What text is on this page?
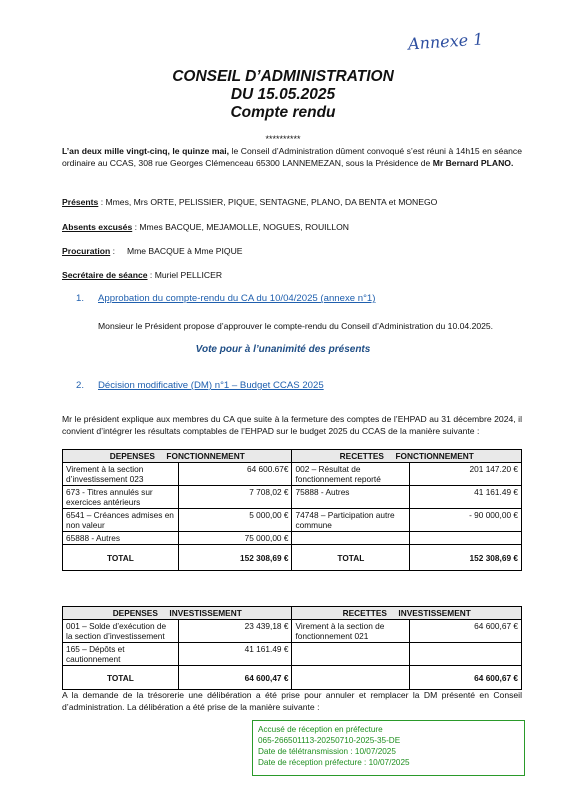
Annexe 1
CONSEIL D’ADMINISTRATION
DU 15.05.2025
Compte rendu
**********
L’an deux mille vingt-cinq, le quinze mai, le Conseil d’Administration dûment convoqué s’est réuni à 14h15 en séance ordinaire au CCAS, 308 rue Georges Clémenceau 65300 LANNEMEZAN, sous la Présidence de Mr Bernard PLANO.
Présents : Mmes, Mrs ORTE, PELISSIER, PIQUE, SENTAGNE, PLANO, DA BENTA et MONEGO
Absents excusés : Mmes BACQUE, MEJAMOLLE, NOGUES, ROUILLON
Procuration :     Mme BACQUE à Mme PIQUE
Secrétaire de séance : Muriel PELLICER
1. Approbation du compte-rendu du CA du 10/04/2025 (annexe n°1)
Monsieur le Président propose d’approuver le compte-rendu du Conseil d’Administration du 10.04.2025.
Vote pour à l’unanimité des présents
2. Décision modificative (DM) n°1 – Budget CCAS 2025
Mr le président explique aux membres du CA que suite à la fermeture des comptes de l’EHPAD au 31 décembre 2024, il convient d’intégrer les résultats comptables de l’EHPAD sur le budget 2025 du CCAS de la manière suivante :
DEPENSES     FONCTIONNEMENT		RECETTES     FONCTIONNEMENT	
Virement à la section d’investissement 023	64 600.67€	002 – Résultat de fonctionnement reporté	201 147.20 €
673 - Titres annulés sur exercices antérieurs	7 708,02 €	75888 - Autres	41 161.49 €
6541 – Créances admises en non valeur	5 000,00 €	74748 – Participation autre commune	- 90 000,00 €
65888 - Autres	75 000,00 €		
TOTAL	152 308,69 €	TOTAL	152 308,69 €
DEPENSES     INVESTISSEMENT		RECETTES     INVESTISSEMENT	
001 – Solde d’exécution de la section d’investissement	23 439,18 €	Virement à la section de fonctionnement 021	64 600,67 €
165 – Dépôts et cautionnement	41 161.49 €		
TOTAL	64 600,47 €		64 600,67 €
A la demande de la trésorerie une délibération a été prise pour annuler et remplacer la DM présenté en Conseil d’administration. La délibération a été prise de la manière suivante :
Accusé de réception en préfecture
065-266501113-20250710-2025-35-DE
Date de télétransmission : 10/07/2025
Date de réception préfecture : 10/07/2025
